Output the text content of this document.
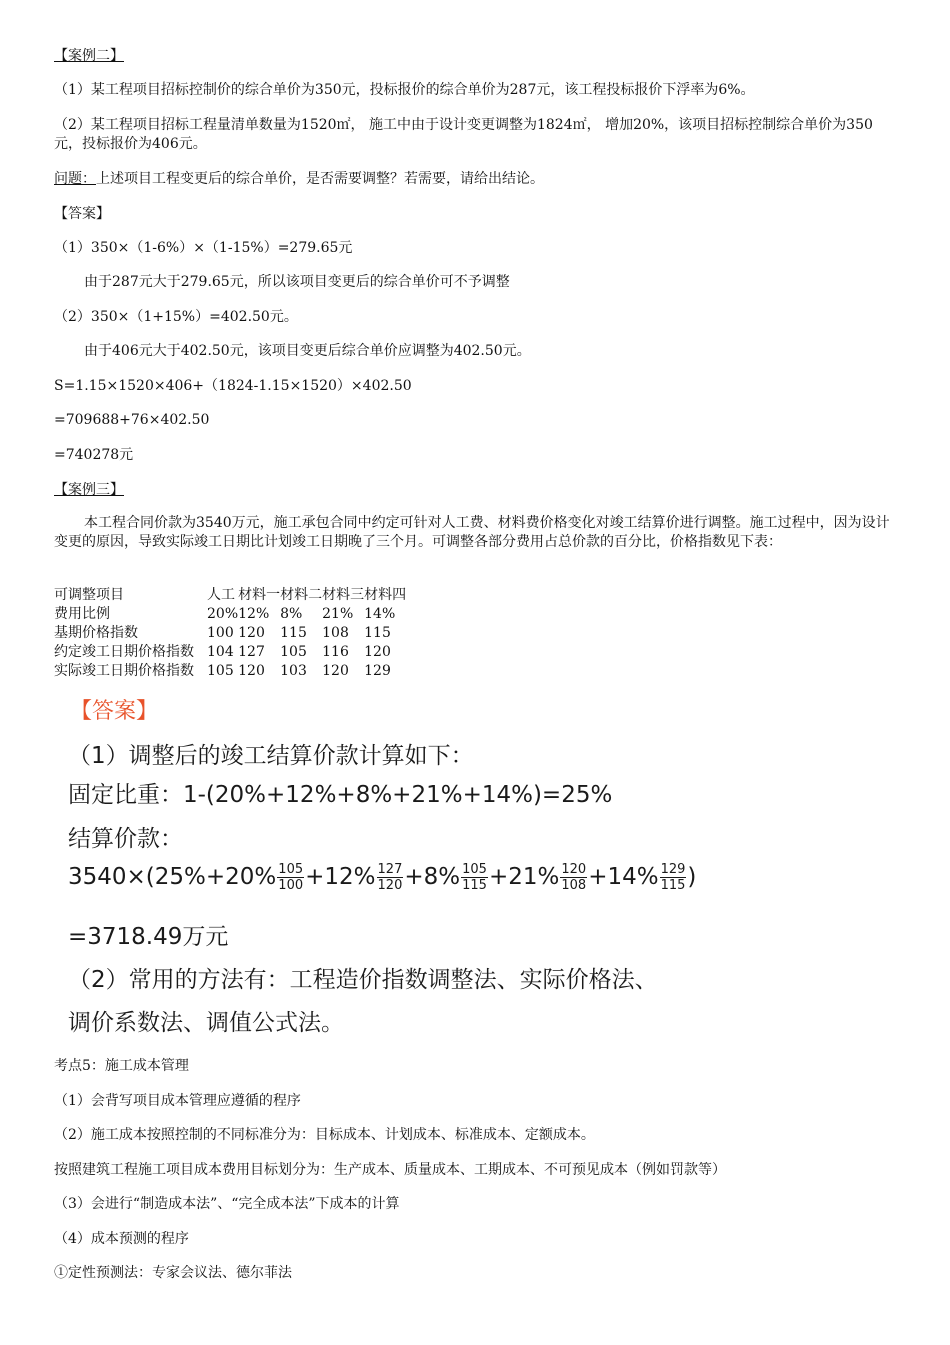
【案例二】
（1）某工程项目招标控制价的综合单价为350元，投标报价的综合单价为287元，该工程投标报价下浮率为6%。
（2）某工程项目招标工程量清单数量为1520㎡， 施工中由于设计变更调整为1824㎡， 增加20%，该项目招标控制综合单价为350元，投标报价为406元。
问题：上述项目工程变更后的综合单价，是否需要调整？若需要，请给出结论。
【答案】
（1）350×（1-6%）×（1-15%）=279.65元
由于287元大于279.65元，所以该项目变更后的综合单价可不予调整
（2）350×（1+15%）=402.50元。
由于406元大于402.50元，该项目变更后综合单价应调整为402.50元。
S=1.15×1520×406+（1824-1.15×1520）×402.50
=709688+76×402.50
=740278元
【案例三】
本工程合同价款为3540万元，施工承包合同中约定可针对人工费、材料费价格变化对竣工结算价进行调整。施工过程中，因为设计变更的原因，导致实际竣工日期比计划竣工日期晚了三个月。可调整各部分费用占总价款的百分比，价格指数见下表：
可调整项目	人工	材料一	材料二	材料三	材料四
费用比例	20%	12%	8%	21%	14%
基期价格指数	100	120	115	108	115
约定竣工日期价格指数	104	127	105	116	120
实际竣工日期价格指数	105	120	103	120	129
【答案】
（1）调整后的竣工结算价款计算如下：
固定比重：1-(20%+12%+8%+21%+14%)=25%
结算价款：
$3540\times(25\%+20\% \frac{105}{100} +12\% \frac{127}{120} +8\% \frac{105}{115} +21\% \frac{120}{108} +14\% \frac{129}{115}$ )
=3718.49万元
（2）常用的方法有：工程造价指数调整法、实际价格法、
调价系数法、调值公式法。
考点5：施工成本管理
（1）会背写项目成本管理应遵循的程序
（2）施工成本按照控制的不同标准分为：目标成本、计划成本、标准成本、定额成本。
按照建筑工程施工项目成本费用目标划分为：生产成本、质量成本、工期成本、不可预见成本（例如罚款等）
（3）会进行“制造成本法”、“完全成本法”下成本的计算
（4）成本预测的程序
①定性预测法：专家会议法、德尔菲法
